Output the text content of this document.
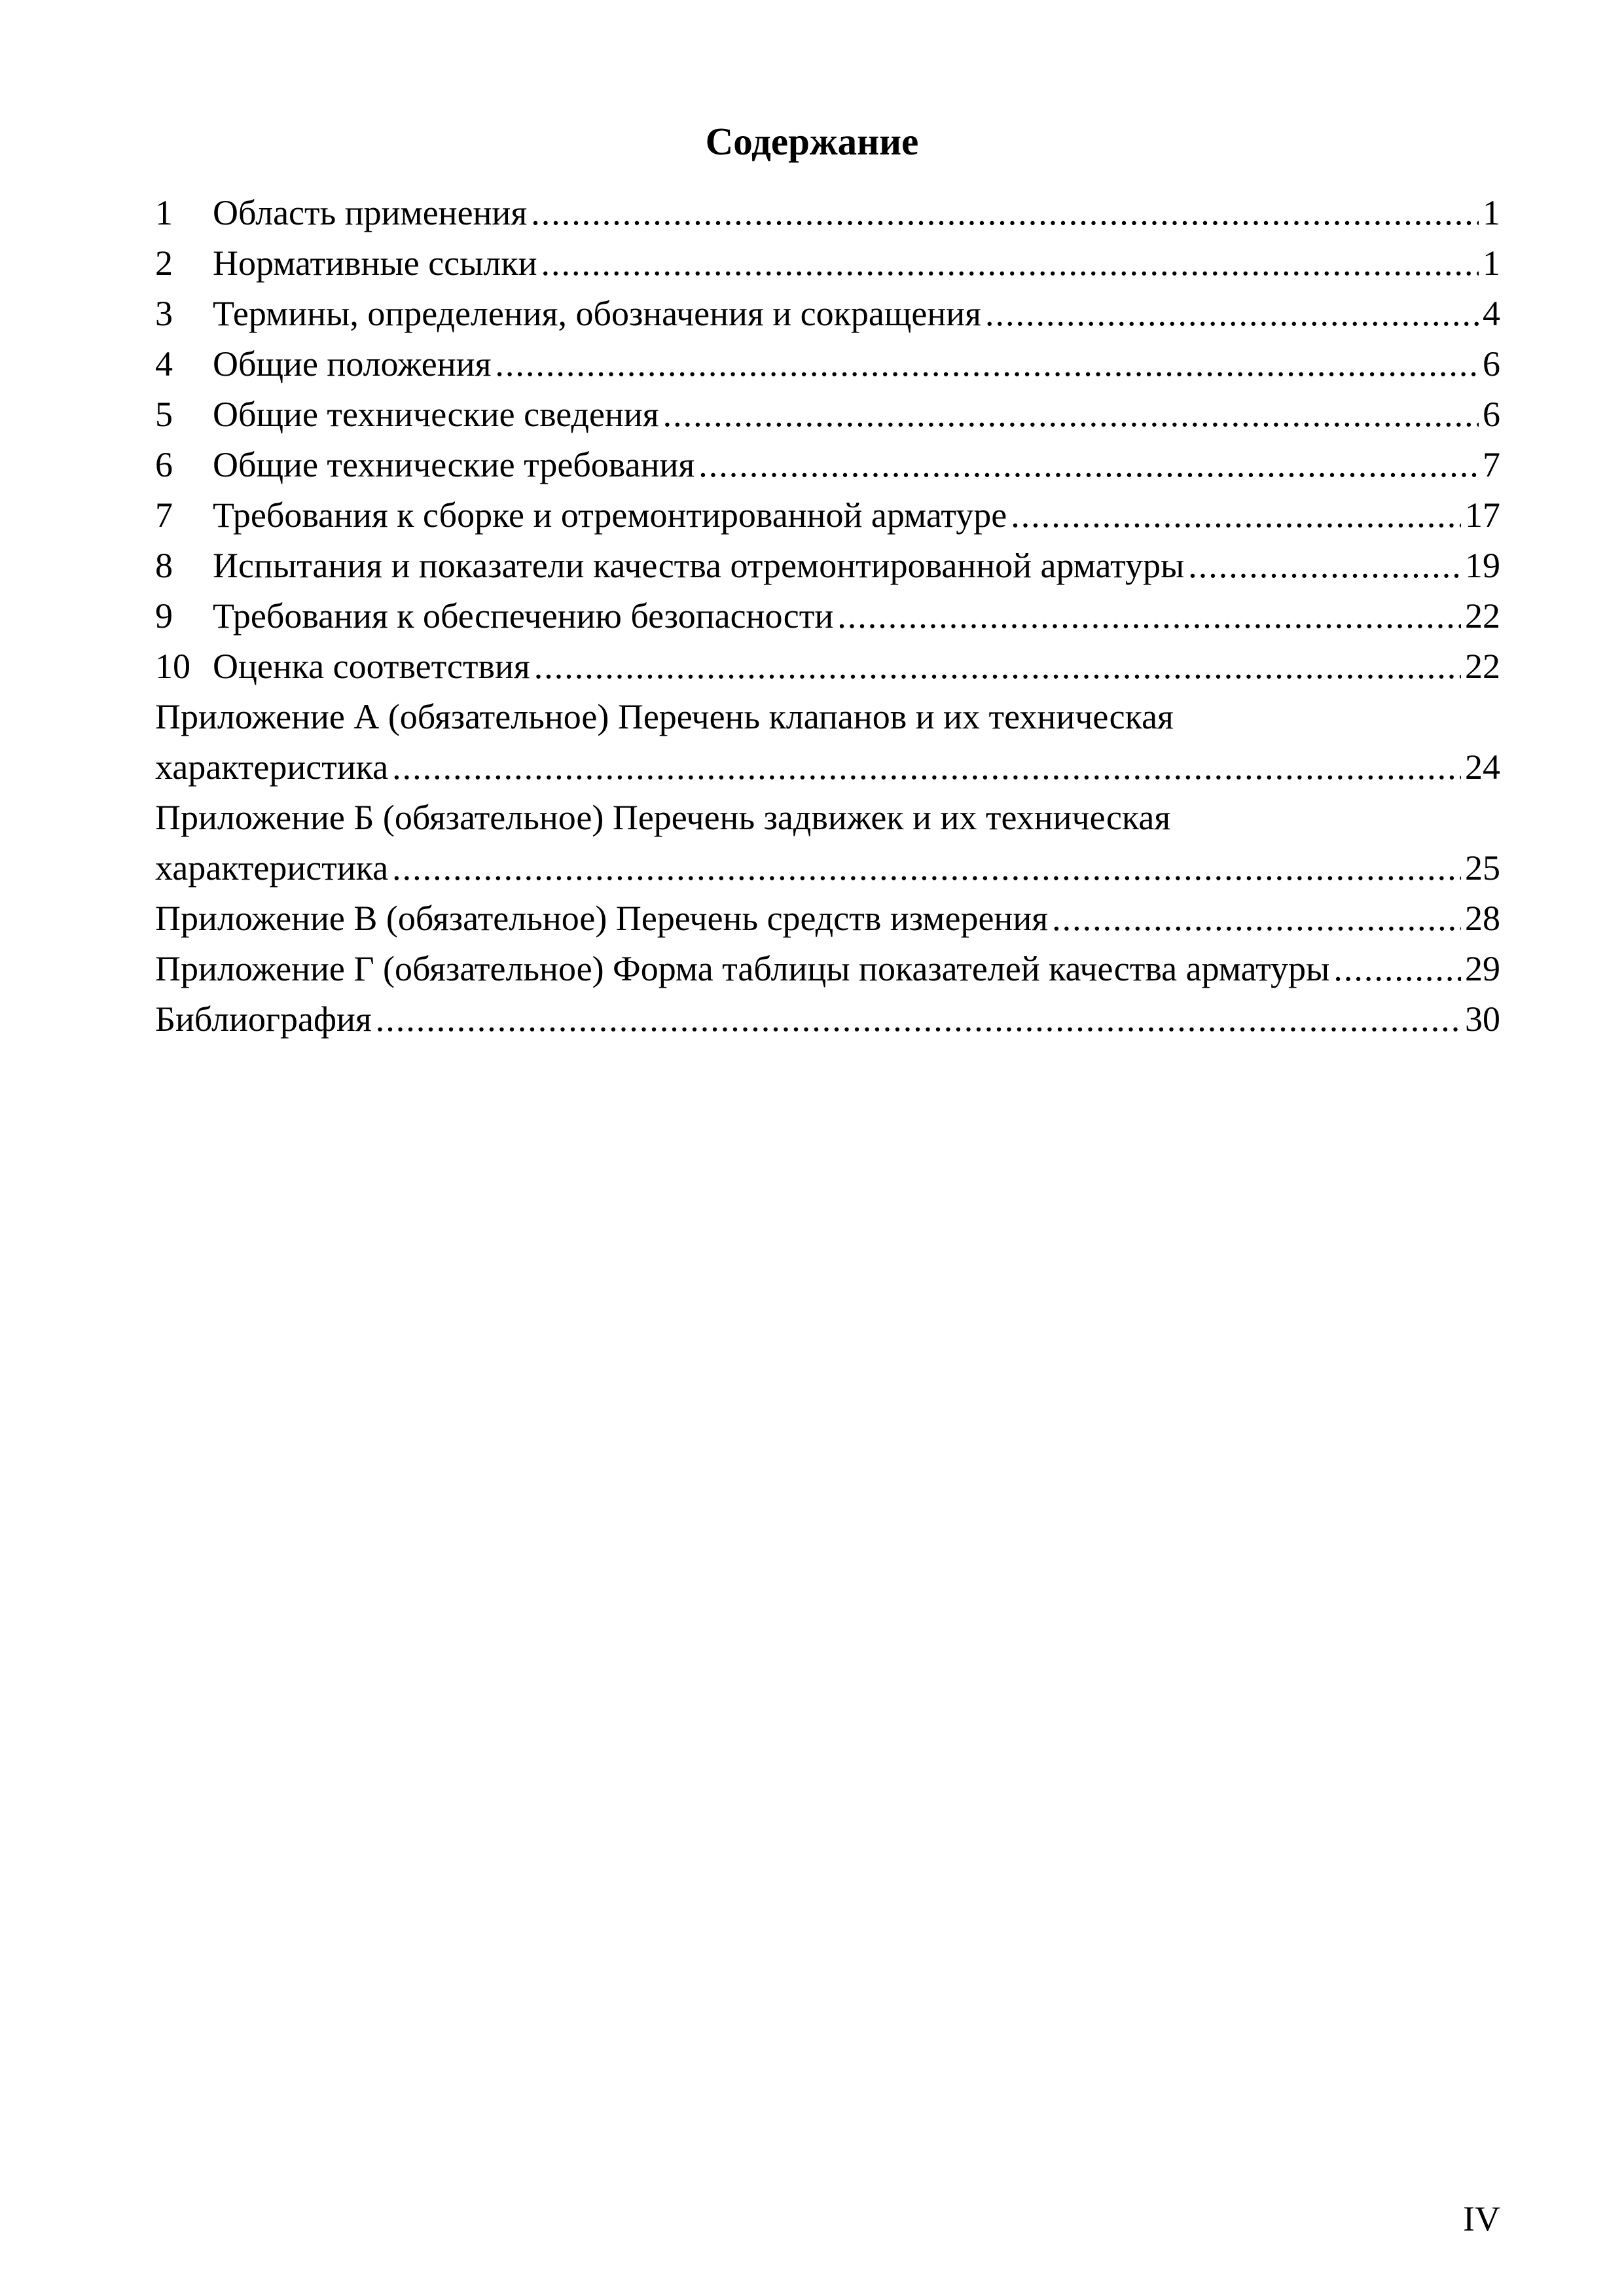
Содержание
1	Область применения .....	1
2	Нормативные ссылки .....	1
3	Термины, определения, обозначения и сокращения .....	4
4	Общие положения .....	6
5	Общие технические сведения .....	6
6	Общие технические требования .....	7
7	Требования к сборке и отремонтированной арматуре .....	17
8	Испытания и показатели качества отремонтированной арматуры .....	19
9	Требования к обеспечению безопасности .....	22
10 Оценка соответствия .....	22
Приложение А (обязательное) Перечень клапанов и их техническая
характеристика .....	24
Приложение Б (обязательное) Перечень задвижек и их техническая
характеристика .....	25
Приложение В (обязательное) Перечень средств измерения .....	28
Приложение Г (обязательное) Форма таблицы показателей качества арматуры .....	29
Библиография .....	30
IV
